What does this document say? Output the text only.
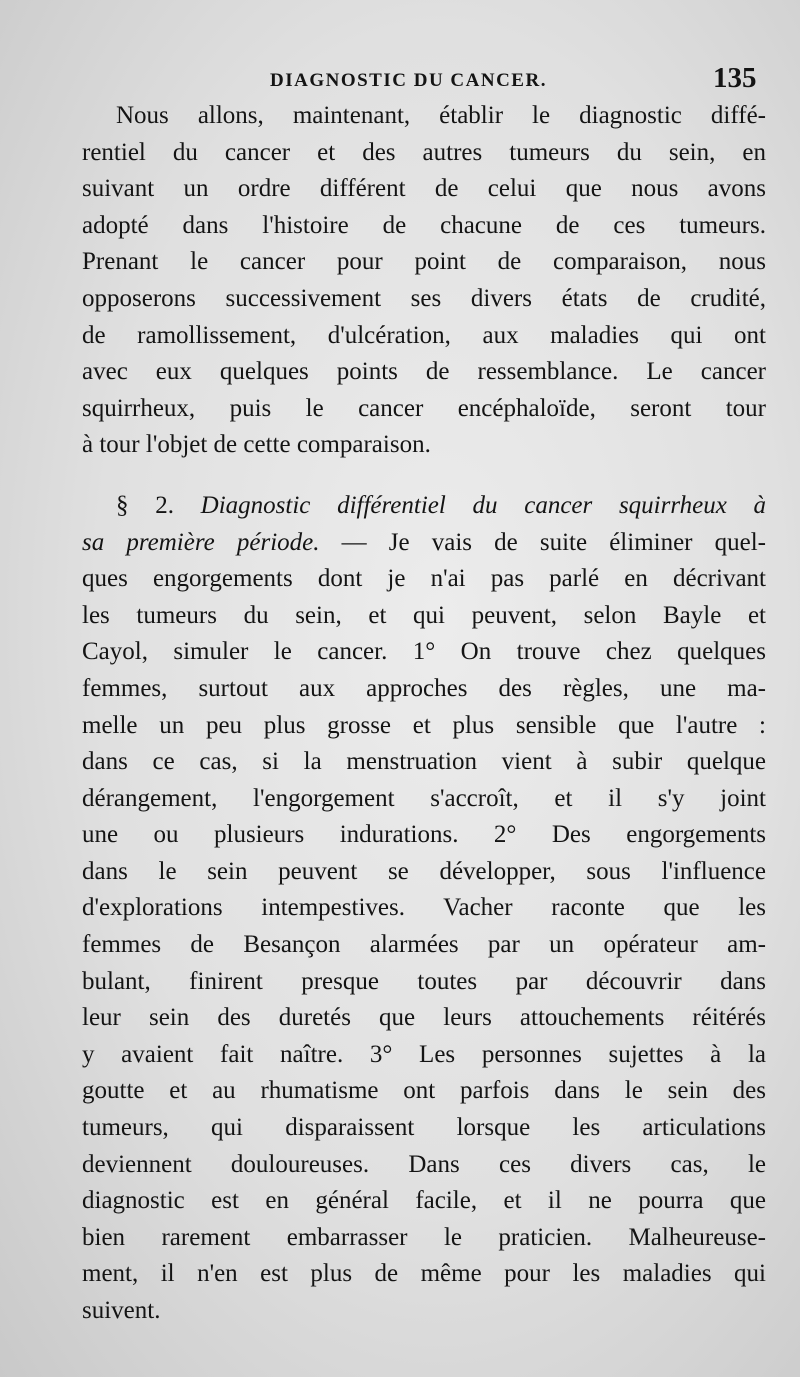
DIAGNOSTIC DU CANCER.	135
Nous allons, maintenant, établir le diagnostic diffé-
rentiel du cancer et des autres tumeurs du sein, en
suivant un ordre différent de celui que nous avons
adopté dans l'histoire de chacune de ces tumeurs.
Prenant le cancer pour point de comparaison, nous
opposerons successivement ses divers états de crudité,
de ramollissement, d'ulcération, aux maladies qui ont
avec eux quelques points de ressemblance. Le cancer
squirrheux, puis le cancer encéphaloïde, seront tour
à tour l'objet de cette comparaison.
§ 2. Diagnostic différentiel du cancer squirrheux à
sa première période. — Je vais de suite éliminer quel-
ques engorgements dont je n'ai pas parlé en décrivant
les tumeurs du sein, et qui peuvent, selon Bayle et
Cayol, simuler le cancer. 1° On trouve chez quelques
femmes, surtout aux approches des règles, une ma-
melle un peu plus grosse et plus sensible que l'autre :
dans ce cas, si la menstruation vient à subir quelque
dérangement, l'engorgement s'accroît, et il s'y joint
une ou plusieurs indurations. 2° Des engorgements
dans le sein peuvent se développer, sous l'influence
d'explorations intempestives. Vacher raconte que les
femmes de Besançon alarmées par un opérateur am-
bulant, finirent presque toutes par découvrir dans
leur sein des duretés que leurs attouchements réitérés
y avaient fait naître. 3° Les personnes sujettes à la
goutte et au rhumatisme ont parfois dans le sein des
tumeurs, qui disparaissent lorsque les articulations
deviennent douloureuses. Dans ces divers cas, le
diagnostic est en général facile, et il ne pourra que
bien rarement embarrasser le praticien. Malheureuse-
ment, il n'en est plus de même pour les maladies qui
suivent.
